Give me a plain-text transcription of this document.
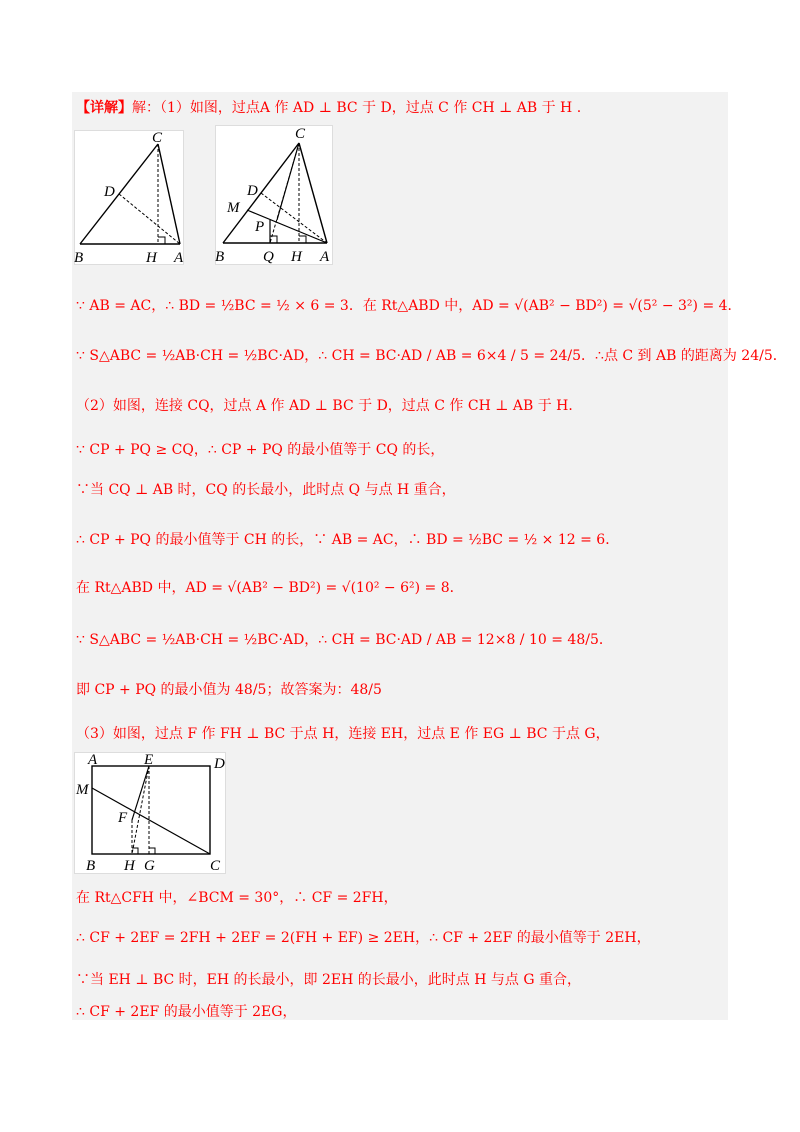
【详解】解：（1）如图，过点A 作 AD ⊥ BC 于 D，过点 C 作 CH ⊥ AB 于 H .
C
D
B	H A
C
D
M
P
B	Q H A
∵ AB = AC，∴ BD = ½BC = ½ × 6 = 3．在 Rt△ABD 中，AD = √(AB² − BD²) = √(5² − 3²) = 4．
∵ S△ABC = ½AB·CH = ½BC·AD，∴ CH = BC·AD / AB = 6×4 / 5 = 24/5．∴点 C 到 AB 的距离为 24/5．
（2）如图，连接 CQ，过点 A 作 AD ⊥ BC 于 D，过点 C 作 CH ⊥ AB 于 H．
∵ CP + PQ ≥ CQ，∴ CP + PQ 的最小值等于 CQ 的长，
∵当 CQ ⊥ AB 时，CQ 的长最小，此时点 Q 与点 H 重合，
∴ CP + PQ 的最小值等于 CH 的长，∵ AB = AC，∴ BD = ½BC = ½ × 12 = 6．
在 Rt△ABD 中，AD = √(AB² − BD²) = √(10² − 6²) = 8．
∵ S△ABC = ½AB·CH = ½BC·AD，∴ CH = BC·AD / AB = 12×8 / 10 = 48/5．
即 CP + PQ 的最小值为 48/5；故答案为：48/5
（3）如图，过点 F 作 FH ⊥ BC 于点 H，连接 EH，过点 E 作 EG ⊥ BC 于点 G，
A	E	D
M
F
B H G	C
在 Rt△CFH 中，∠BCM = 30°，∴ CF = 2FH，
∴ CF + 2EF = 2FH + 2EF = 2(FH + EF) ≥ 2EH，∴ CF + 2EF 的最小值等于 2EH，
∵当 EH ⊥ BC 时，EH 的长最小，即 2EH 的长最小，此时点 H 与点 G 重合，
∴ CF + 2EF 的最小值等于 2EG，
